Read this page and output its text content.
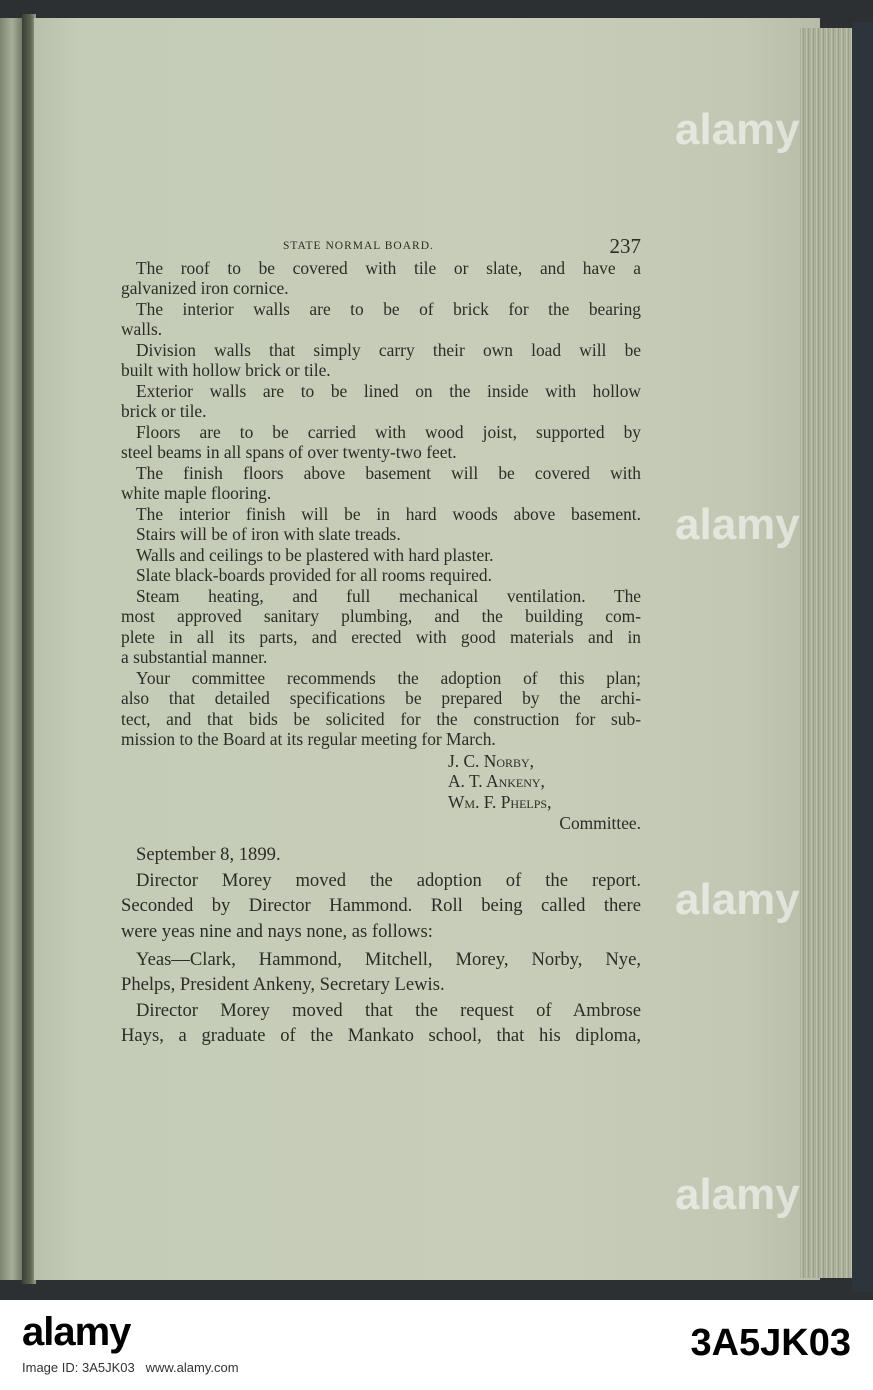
STATE NORMAL BOARD.	237
The roof to be covered with tile or slate, and have a
galvanized iron cornice.
The interior walls are to be of brick for the bearing
walls.
Division walls that simply carry their own load will be
built with hollow brick or tile.
Exterior walls are to be lined on the inside with hollow
brick or tile.
Floors are to be carried with wood joist, supported by
steel beams in all spans of over twenty-two feet.
The finish floors above basement will be covered with
white maple flooring.
The interior finish will be in hard woods above basement.
Stairs will be of iron with slate treads.
Walls and ceilings to be plastered with hard plaster.
Slate black-boards provided for all rooms required.
Steam heating, and full mechanical ventilation. The
most approved sanitary plumbing, and the building com-
plete in all its parts, and erected with good materials and in
a substantial manner.
Your committee recommends the adoption of this plan;
also that detailed specifications be prepared by the archi-
tect, and that bids be solicited for the construction for sub-
mission to the Board at its regular meeting for March.
J. C. Norby,
A. T. Ankeny,
Wm. F. Phelps,
Committee.
September 8, 1899.
Director Morey moved the adoption of the report.
Seconded by Director Hammond. Roll being called there
were yeas nine and nays none, as follows:
Yeas—Clark, Hammond, Mitchell, Morey, Norby, Nye,
Phelps, President Ankeny, Secretary Lewis.
Director Morey moved that the request of Ambrose
Hays, a graduate of the Mankato school, that his diploma,
alamy
alamy
alamy
alamy
alamy
Image ID: 3A5JK03 www.alamy.com
3A5JK03
